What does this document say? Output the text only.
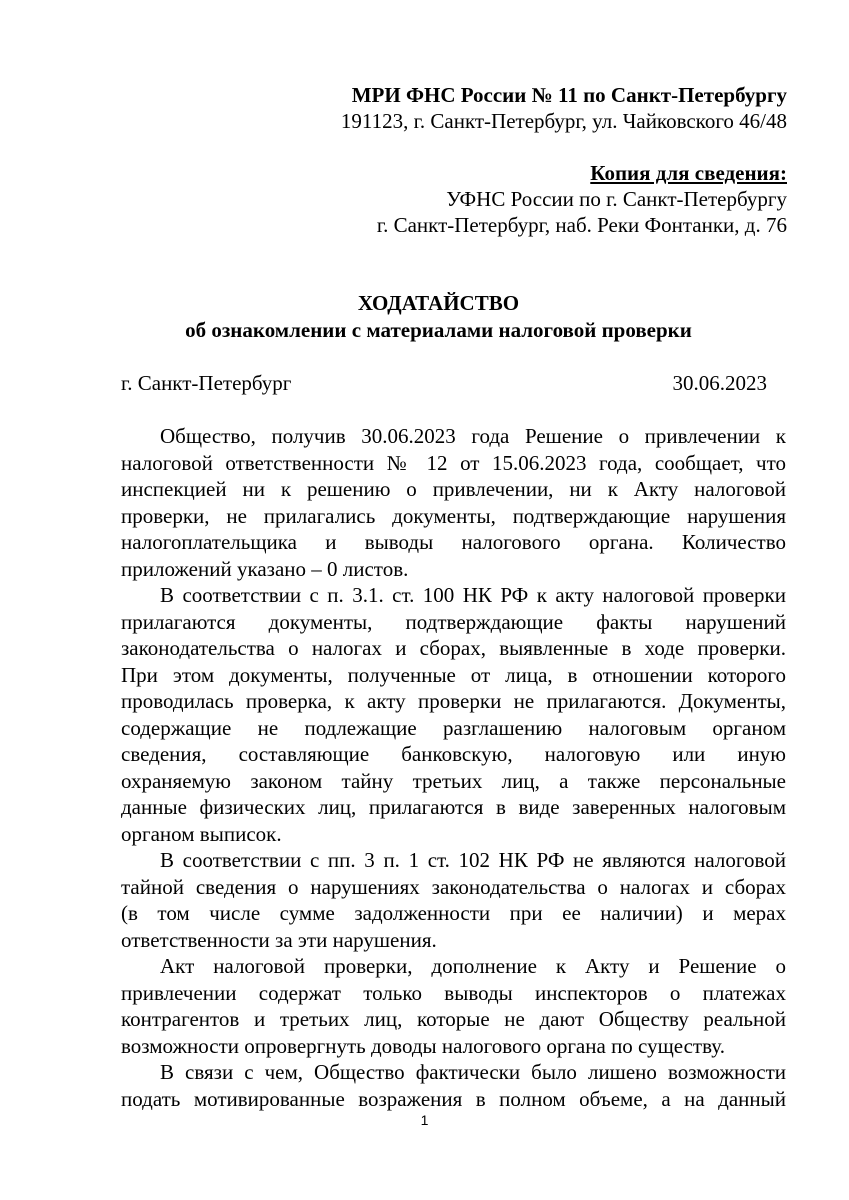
МРИ ФНС России № 11 по Санкт-Петербургу
191123, г. Санкт-Петербург, ул. Чайковского 46/48
Копия для сведения:
УФНС России по г. Санкт-Петербургу
г. Санкт-Петербург, наб. Реки Фонтанки, д. 76
ХОДАТАЙСТВО
об ознакомлении с материалами налоговой проверки
г. Санкт-Петербург	30.06.2023
Общество, получив 30.06.2023 года Решение о привлечении к
налоговой ответственности № 12 от 15.06.2023 года, сообщает, что
инспекцией ни к решению о привлечении, ни к Акту налоговой
проверки, не прилагались документы, подтверждающие нарушения
налогоплательщика и выводы налогового органа. Количество
приложений указано – 0 листов.
В соответствии с п. 3.1. ст. 100 НК РФ к акту налоговой проверки
прилагаются документы, подтверждающие факты нарушений
законодательства о налогах и сборах, выявленные в ходе проверки.
При этом документы, полученные от лица, в отношении которого
проводилась проверка, к акту проверки не прилагаются. Документы,
содержащие не подлежащие разглашению налоговым органом
сведения, составляющие банковскую, налоговую или иную
охраняемую законом тайну третьих лиц, а также персональные
данные физических лиц, прилагаются в виде заверенных налоговым
органом выписок.
В соответствии с пп. 3 п. 1 ст. 102 НК РФ не являются налоговой
тайной сведения о нарушениях законодательства о налогах и сборах
(в том числе сумме задолженности при ее наличии) и мерах
ответственности за эти нарушения.
Акт налоговой проверки, дополнение к Акту и Решение о
привлечении содержат только выводы инспекторов о платежах
контрагентов и третьих лиц, которые не дают Обществу реальной
возможности опровергнуть доводы налогового органа по существу.
В связи с чем, Общество фактически было лишено возможности
подать мотивированные возражения в полном объеме, а на данный
1
